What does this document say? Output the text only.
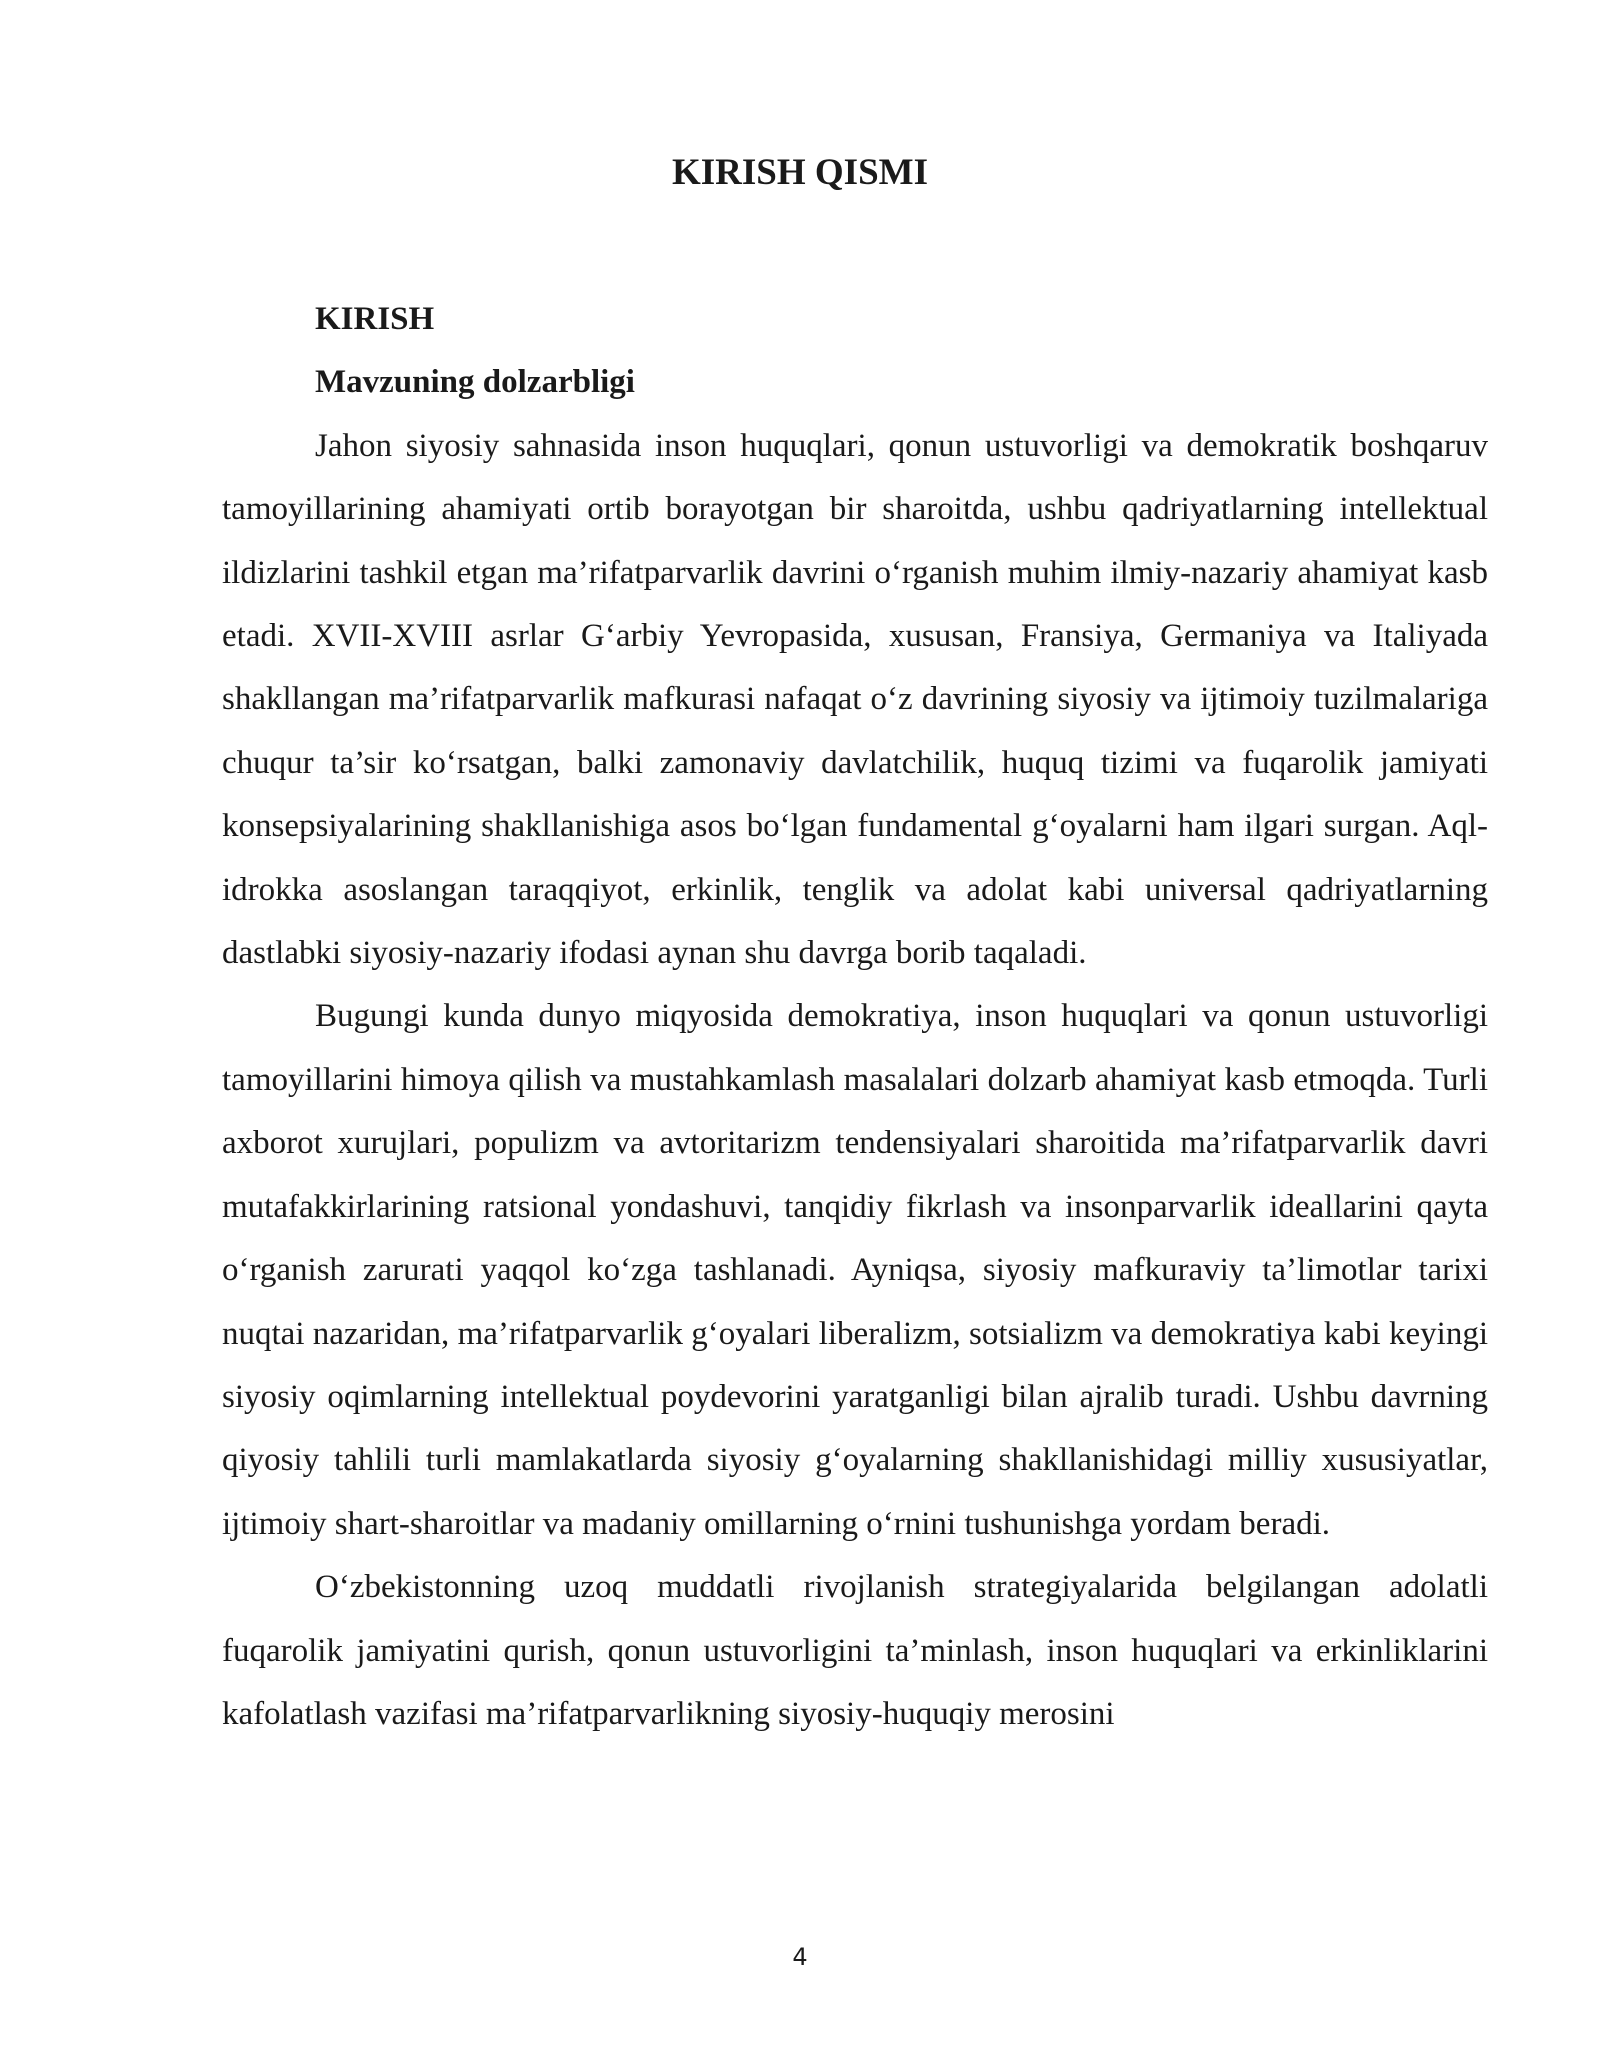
KIRISH QISMI
KIRISH
Mavzuning dolzarbligi

Jahon siyosiy sahnasida inson huquqlari, qonun ustuvorligi va demokratik boshqaruv tamoyillarining ahamiyati ortib borayotgan bir sharoitda, ushbu qadriyatlarning intellektual ildizlarini tashkil etgan ma’rifatparvarlik davrini o‘rganish muhim ilmiy-nazariy ahamiyat kasb etadi. XVII-XVIII asrlar G‘arbiy Yevropasida, xususan, Fransiya, Germaniya va Italiyada shakllangan ma’rifatparvarlik mafkurasi nafaqat o‘z davrining siyosiy va ijtimoiy tuzilmalariga chuqur ta’sir ko‘rsatgan, balki zamonaviy davlatchilik, huquq tizimi va fuqarolik jamiyati konsepsiyalarining shakllanishiga asos bo‘lgan fundamental g‘oyalarni ham ilgari surgan. Aql-idrokka asoslangan taraqqiyot, erkinlik, tenglik va adolat kabi universal qadriyatlarning dastlabki siyosiy-nazariy ifodasi aynan shu davrga borib taqaladi.

Bugungi kunda dunyo miqyosida demokratiya, inson huquqlari va qonun ustuvorligi tamoyillarini himoya qilish va mustahkamlash masalalari dolzarb ahamiyat kasb etmoqda. Turli axborot xurujlari, populizm va avtoritarizm tendensiyalari sharoitida ma’rifatparvarlik davri mutafakkirlarining ratsional yondashuvi, tanqidiy fikrlash va insonparvarlik ideallarini qayta o‘rganish zarurati yaqqol ko‘zga tashlanadi. Ayniqsa, siyosiy mafkuraviy ta’limotlar tarixi nuqtai nazaridan, ma’rifatparvarlik g‘oyalari liberalizm, sotsializm va demokratiya kabi keyingi siyosiy oqimlarning intellektual poydevorini yaratganligi bilan ajralib turadi. Ushbu davrning qiyosiy tahlili turli mamlakatlarda siyosiy g‘oyalarning shakllanishidagi milliy xususiyatlar, ijtimoiy shart-sharoitlar va madaniy omillarning o‘rnini tushunishga yordam beradi.

O‘zbekistonning uzoq muddatli rivojlanish strategiyalarida belgilangan adolatli fuqarolik jamiyatini qurish, qonun ustuvorligini ta’minlash, inson huquqlari va erkinliklarini kafolatlash vazifasi ma’rifatparvarlikning siyosiy-huquqiy merosini

4
